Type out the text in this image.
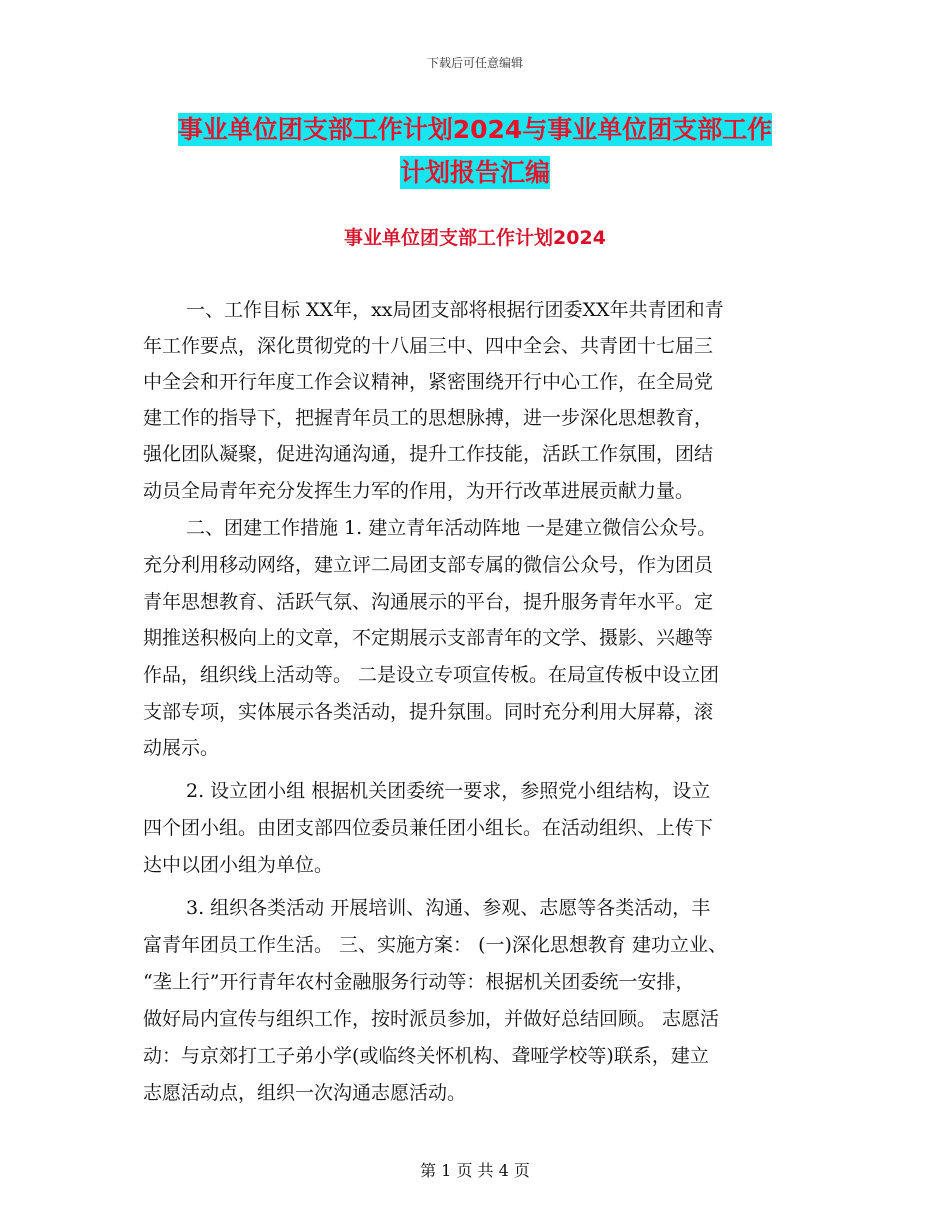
下载后可任意编辑
事业单位团支部工作计划2024与事业单位团支部工作
计划报告汇编
事业单位团支部工作计划2024
一、工作目标 XX年，xx局团支部将根据行团委XX年共青团和青
年工作要点，深化贯彻党的十八届三中、四中全会、共青团十七届三
中全会和开行年度工作会议精神，紧密围绕开行中心工作，在全局党
建工作的指导下，把握青年员工的思想脉搏，进一步深化思想教育，
强化团队凝聚，促进沟通沟通，提升工作技能，活跃工作氛围，团结
动员全局青年充分发挥生力军的作用，为开行改革进展贡献力量。
二、团建工作措施 1. 建立青年活动阵地 一是建立微信公众号。
充分利用移动网络，建立评二局团支部专属的微信公众号，作为团员
青年思想教育、活跃气氛、沟通展示的平台，提升服务青年水平。定
期推送积极向上的文章，不定期展示支部青年的文学、摄影、兴趣等
作品，组织线上活动等。 二是设立专项宣传板。在局宣传板中设立团
支部专项，实体展示各类活动，提升氛围。同时充分利用大屏幕，滚
动展示。
2. 设立团小组 根据机关团委统一要求，参照党小组结构，设立
四个团小组。由团支部四位委员兼任团小组长。在活动组织、上传下
达中以团小组为单位。
3. 组织各类活动 开展培训、沟通、参观、志愿等各类活动，丰
富青年团员工作生活。 三、实施方案： (一)深化思想教育 建功立业、
“垄上行”开行青年农村金融服务行动等：根据机关团委统一安排，
做好局内宣传与组织工作，按时派员参加，并做好总结回顾。 志愿活
动：与京郊打工子弟小学(或临终关怀机构、聋哑学校等)联系，建立
志愿活动点，组织一次沟通志愿活动。
第 1 页 共 4 页
